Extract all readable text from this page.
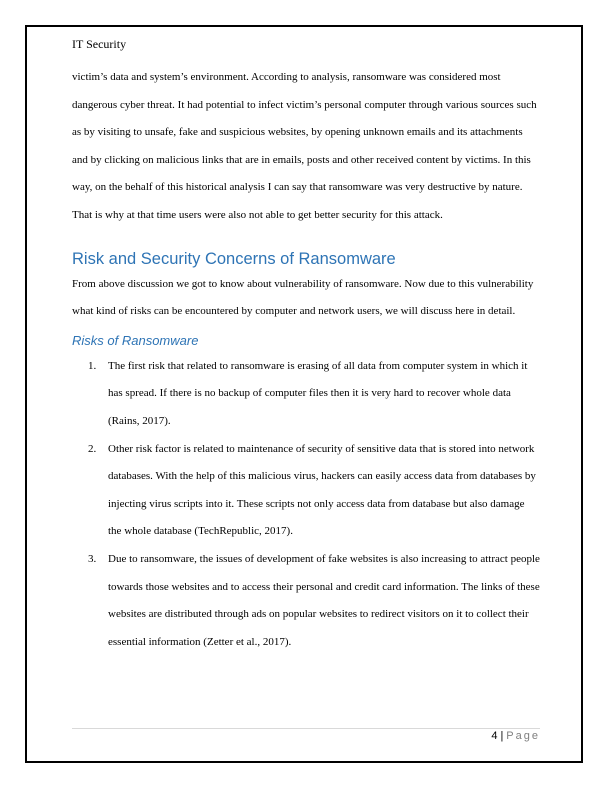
IT Security

victim’s data and system’s environment. According to analysis, ransomware was considered most dangerous cyber threat. It had potential to infect victim’s personal computer through various sources such as by visiting to unsafe, fake and suspicious websites, by opening unknown emails and its attachments and by clicking on malicious links that are in emails, posts and other received content by victims. In this way, on the behalf of this historical analysis I can say that ransomware was very destructive by nature. That is why at that time users were also not able to get better security for this attack.

Risk and Security Concerns of Ransomware

From above discussion we got to know about vulnerability of ransomware. Now due to this vulnerability what kind of risks can be encountered by computer and network users, we will discuss here in detail.

Risks of Ransomware
1. The first risk that related to ransomware is erasing of all data from computer system in which it has spread. If there is no backup of computer files then it is very hard to recover whole data (Rains, 2017).
2. Other risk factor is related to maintenance of security of sensitive data that is stored into network databases. With the help of this malicious virus, hackers can easily access data from databases by injecting virus scripts into it. These scripts not only access data from database but also damage the whole database (TechRepublic, 2017).
3. Due to ransomware, the issues of development of fake websites is also increasing to attract people towards those websites and to access their personal and credit card information. The links of these websites are distributed through ads on popular websites to redirect visitors on it to collect their essential information (Zetter et al., 2017).
4 | Page
